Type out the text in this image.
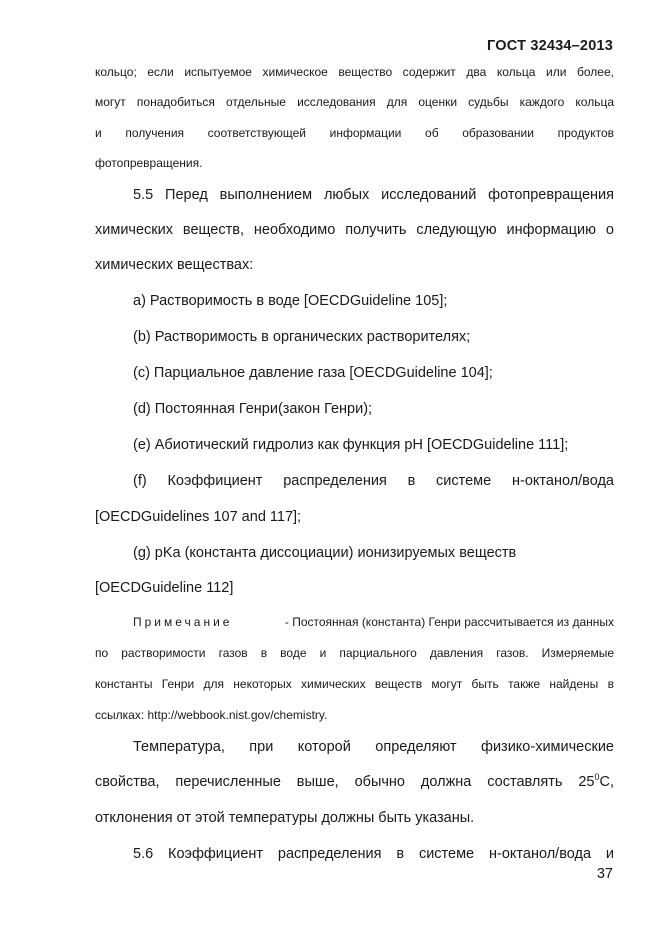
ГОСТ 32434–2013
кольцо; если испытуемое химическое вещество содержит два кольца или более,
могут понадобиться отдельные исследования для оценки судьбы каждого кольца
и получения соответствующей информации об образовании продуктов
фотопревращения.
5.5 Перед выполнением любых исследований фотопревращения
химических веществ, необходимо получить следующую информацию о
химических веществах:
а) Растворимость в воде [OECDGuideline 105];
(b) Растворимость в органических растворителях;
(c) Парциальное давление газа [OECDGuideline 104];
(d) Постоянная Генри(закон Генри);
(e) Абиотический гидролиз как функция pH [OECDGuideline 111];
(f) Коэффициент распределения в системе н-октанол/вода
[OECDGuidelines 107 and 117];
(g) pKa (константа диссоциации) ионизируемых веществ
[OECDGuideline 112]
Примечание	- Постоянная (константа) Генри рассчитывается из данных
по растворимости газов в воде и парциального давления газов. Измеряемые
константы Генри для некоторых химических веществ могут быть также найдены в
ссылках: http://webbook.nist.gov/chemistry.
Температура, при которой определяют физико-химические
свойства, перечисленные выше, обычно должна составлять 25 $^0$С,
отклонения от этой температуры должны быть указаны.
5.6 Коэффициент распределения в системе н-октанол/вода и
37
